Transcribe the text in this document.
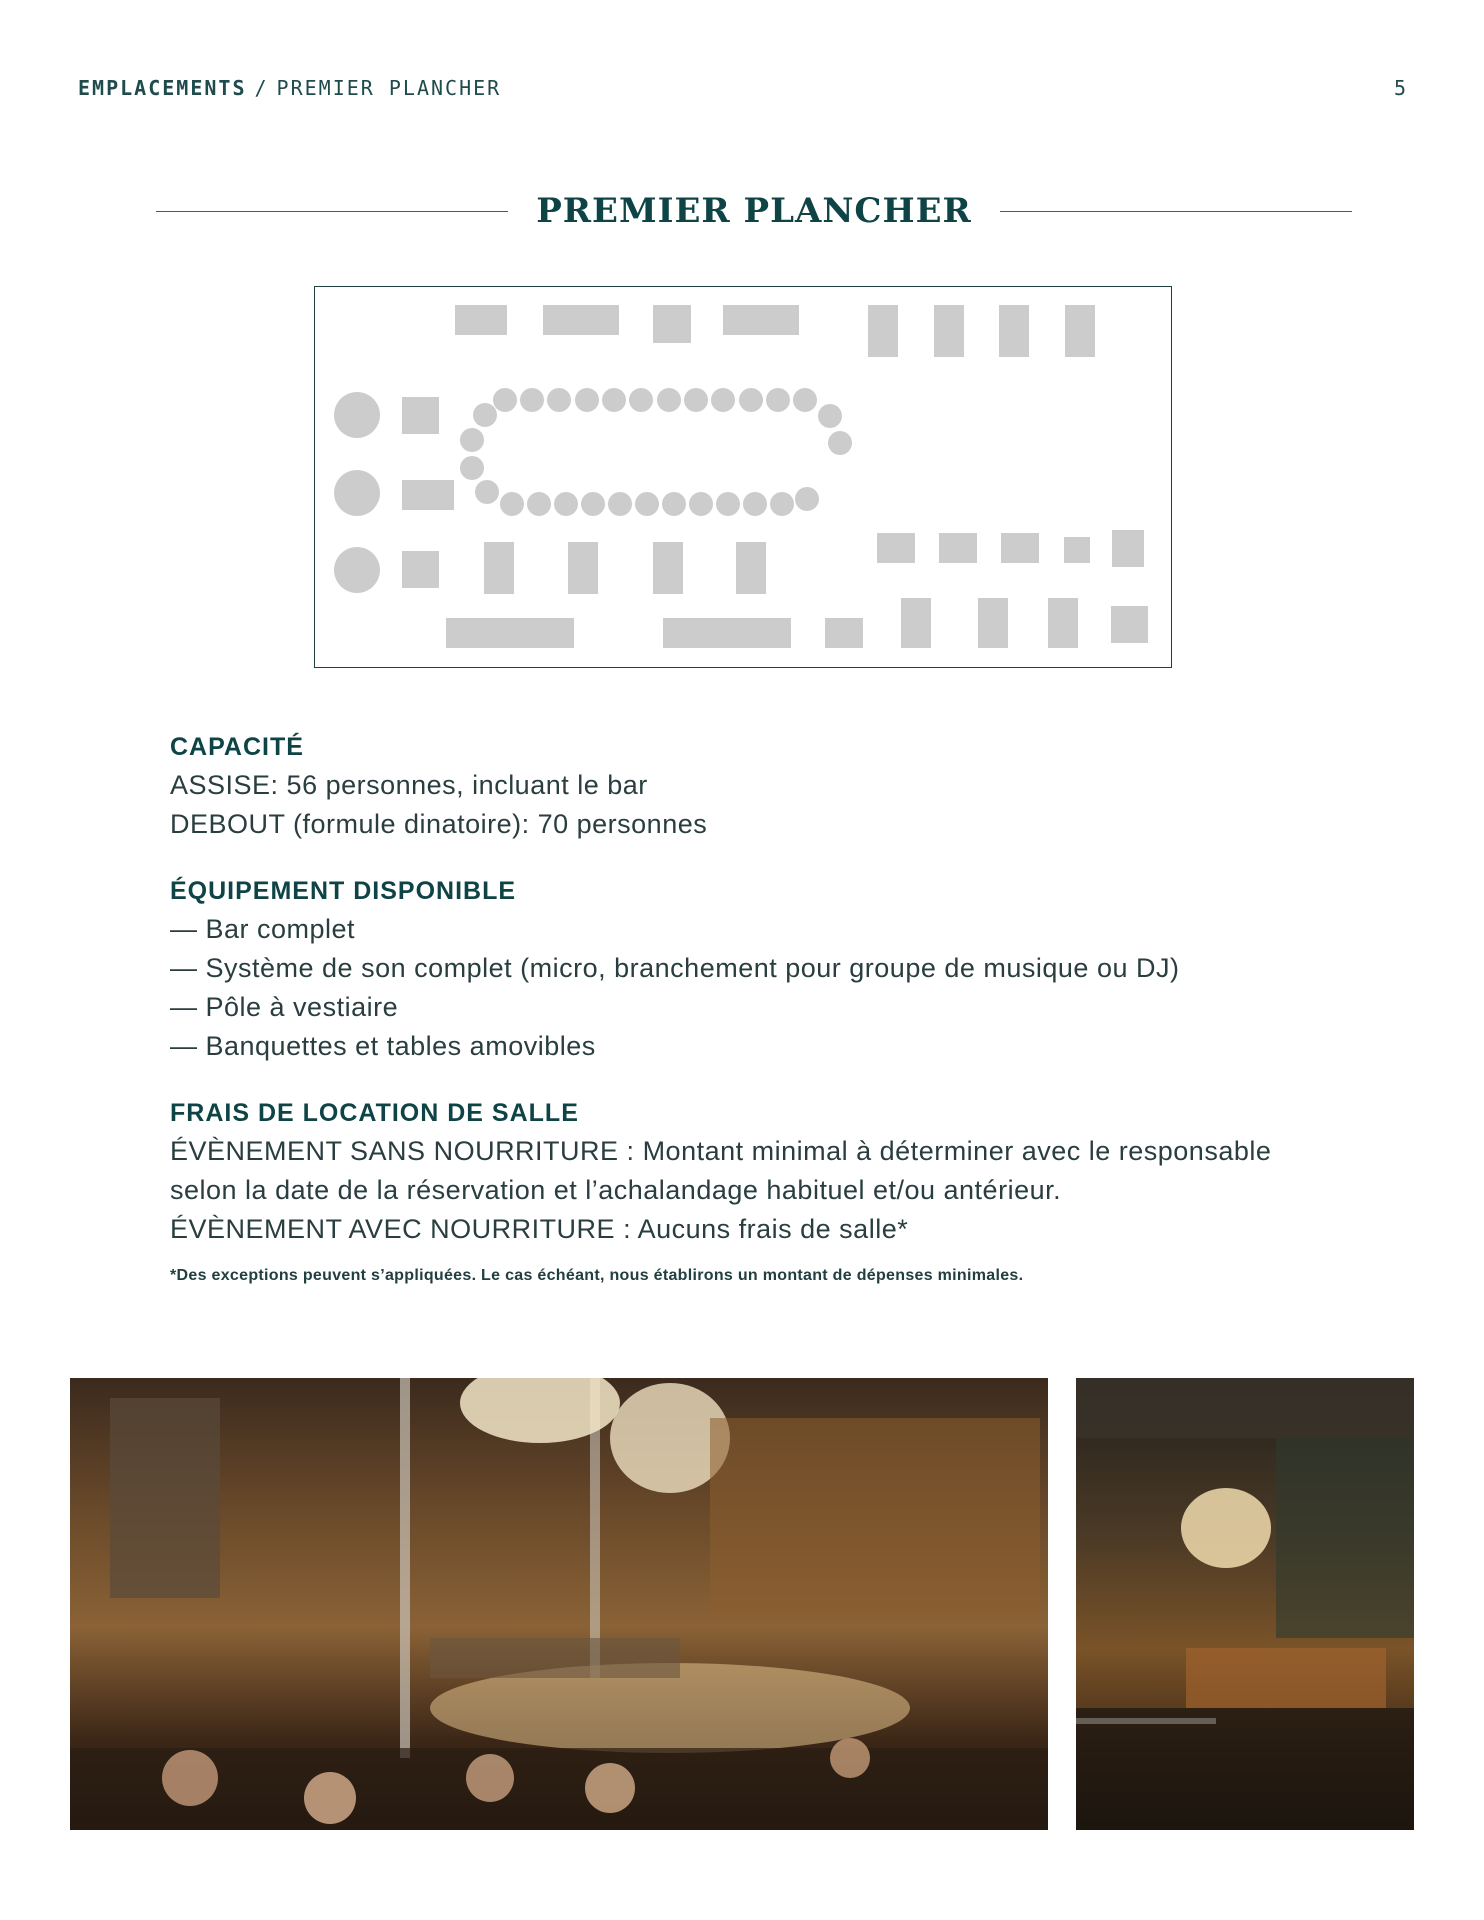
EMPLACEMENTS / PREMIER PLANCHER	5
PREMIER PLANCHER
CAPACITÉ
ASSISE: 56 personnes, incluant le bar
DEBOUT (formule dinatoire): 70 personnes
ÉQUIPEMENT DISPONIBLE
— Bar complet
— Système de son complet (micro, branchement pour groupe de musique ou DJ)
— Pôle à vestiaire
— Banquettes et tables amovibles
FRAIS DE LOCATION DE SALLE
ÉVÈNEMENT SANS NOURRITURE : Montant minimal à déterminer avec le responsable
selon la date de la réservation et l’achalandage habituel et/ou antérieur.
ÉVÈNEMENT AVEC NOURRITURE : Aucuns frais de salle*
*Des exceptions peuvent s’appliquées. Le cas échéant, nous établirons un montant de dépenses minimales.
